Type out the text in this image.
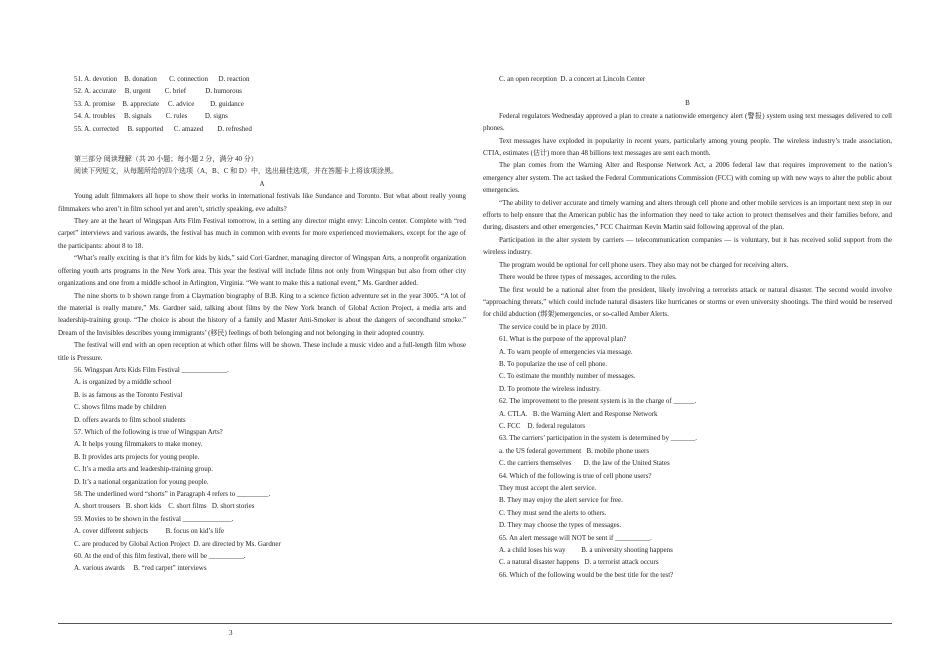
51. A. devotion    B. donation       C. connection      D. reaction

52. A. accurate     B. urgent        C. brief           D. humorous

53. A. promise    B. appreciate     C. advice         D. guidance

54. A. troubles     B. signals        C. rules          D. signs

55. A. corrected     B. supported      C. amazed        D. refreshed

第三部分 阅读理解（共 20 小题；每小题 2 分，满分 40 分）

阅读下列短文，从每题所给的四个选项（A、B、C 和 D）中，选出最佳选项，并在答题卡上将该项涂黑。

A

Young adult filmmakers all hope to show their works in international festivals like Sundance and Toronto. But what about really young filmmakers who aren’t in film school yet and aren’t, strictly speaking, eve adults?

They are at the heart of Wingspan Arts Film Festival tomorrow, in a setting any director might envy: Lincoln center. Complete with “red carpet” interviews and various awards, the festival has much in common with events for more experienced moviemakers, except for the age of the participants: about 8 to 18.

“What’s really exciting is that it’s film for kids by kids,” said Cori Gardner, managing director of Wingspan Arts, a nonprofit organization offering youth arts programs in the New York area. This year the festival will include films not only from Wingspan but also from other city organizations and one from a middle school in Arlington, Virginia. “We want to make this a national event,” Ms. Gardner added.

The nine shorts to b shown range from a Claymation biography of B.B. King to a science fiction adventure set in the year 3005. “A lot of the material is really mature,” Ms. Gardner said, talking about films by the New York branch of Global Action Project, a media arts and leadership-training group. “The choice is about the history of a family and Master Anti-Smoker is about the dangers of secondhand smoke.” Dream of the Invisibles describes young immigrants’ (移民) feelings of both belonging and not belonging in their adopted country.

The festival will end with an open reception at which other films will be shown. These include a music video and a full-length film whose title is Pressure.

56. Wingspan Arts Kids Film Festival _____________.

A. is organized by a middle school

B. is as famous as the Toronto Festival

C. shows films made by children

D. offers awards to film school students

57. Which of the following is true of Wingspan Arts?

A. It helps young filmmakers to make money.

B. It provides arts projects for young people.

C. It’s a media arts and leadership-training group.

D. It’s a national organization for young people.

58. The underlined word “shorts” in Paragraph 4 refers to _________.

A. short trousers   B. short kids    C. short films   D. short stories

59. Movies to be shown in the festival ______________.

A. cover different subjects          B. focus on kid’s life

C. are produced by Global Action Project  D. are directed by Ms. Gardner

60. At the end of this film festival, there will be __________.

A. various awards     B. “red carpet” interviews

C. an open reception  D. a concert at Lincoln Center

B

Federal regulators Wednesday approved a plan to create a nationwide emergency alert (警报) system using text messages delivered to cell phones.

Text messages have exploded in popularity in recent years, particularly among young people. The wireless industry’s trade association, CTIA, estimates (估计) more than 48 billions text messages are sent each month.

The plan comes from the Warning Alter and Response Network Act, a 2006 federal law that requires improvement to the nation’s emergency alter system. The act tasked the Federal Communications Commission (FCC) with coming up with new ways to alter the public about emergencies.

“The ability to deliver accurate and timely warning and alters through cell phone and other mobile services is an important next step in our efforts to help ensure that the American public has the information they need to take action to protect themselves and their families before, and during, disasters and other emergencies,” FCC Chairman Kevin Martin said following approval of the plan.

Participation in the alter system by carriers — telecommunication companies — is voluntary, but it has received solid support from the wireless industry.

The program would be optional for cell phone users. They also may not be charged for receiving alters.

There would be three types of messages, according to the rules.

The first would be a national alter from the president, likely involving a terrorists attack or natural disaster. The second would involve “approaching threats,” which could include natural disasters like hurricanes or storms or even university shootings. The third would be reserved for child abduction (绑架)emergencies, or so-called Amber Alerts.

The service could be in place by 2010.

61. What is the purpose of the approval plan?

A. To warn people of emergencies via message.

B. To popularize the use of cell phone.

C. To estimate the monthly number of messages.

D. To promote the wireless industry.

62. The improvement to the present system is in the charge of ______.

A. CTLA.   B. the Warning Alert and Response Network

C. FCC    D. federal regulators

63. The carriers’ participation in the system is determined by _______.

a. the US federal government   B. mobile phone users

C. the carriers themselves       D. the law of the United States

64. Which of the following is true of cell phone users?

They must accept the alert service.

B. They may enjoy the alert service for free.

C. They must send the alerts to others.

D. They may choose the types of messages.

65. An alert message will NOT be sent if __________.

A. a child loses his way         B. a university shooting happens

C. a natural disaster happens   D. a terrorist attack occurs

66. Which of the following would be the best title for the test?

3
